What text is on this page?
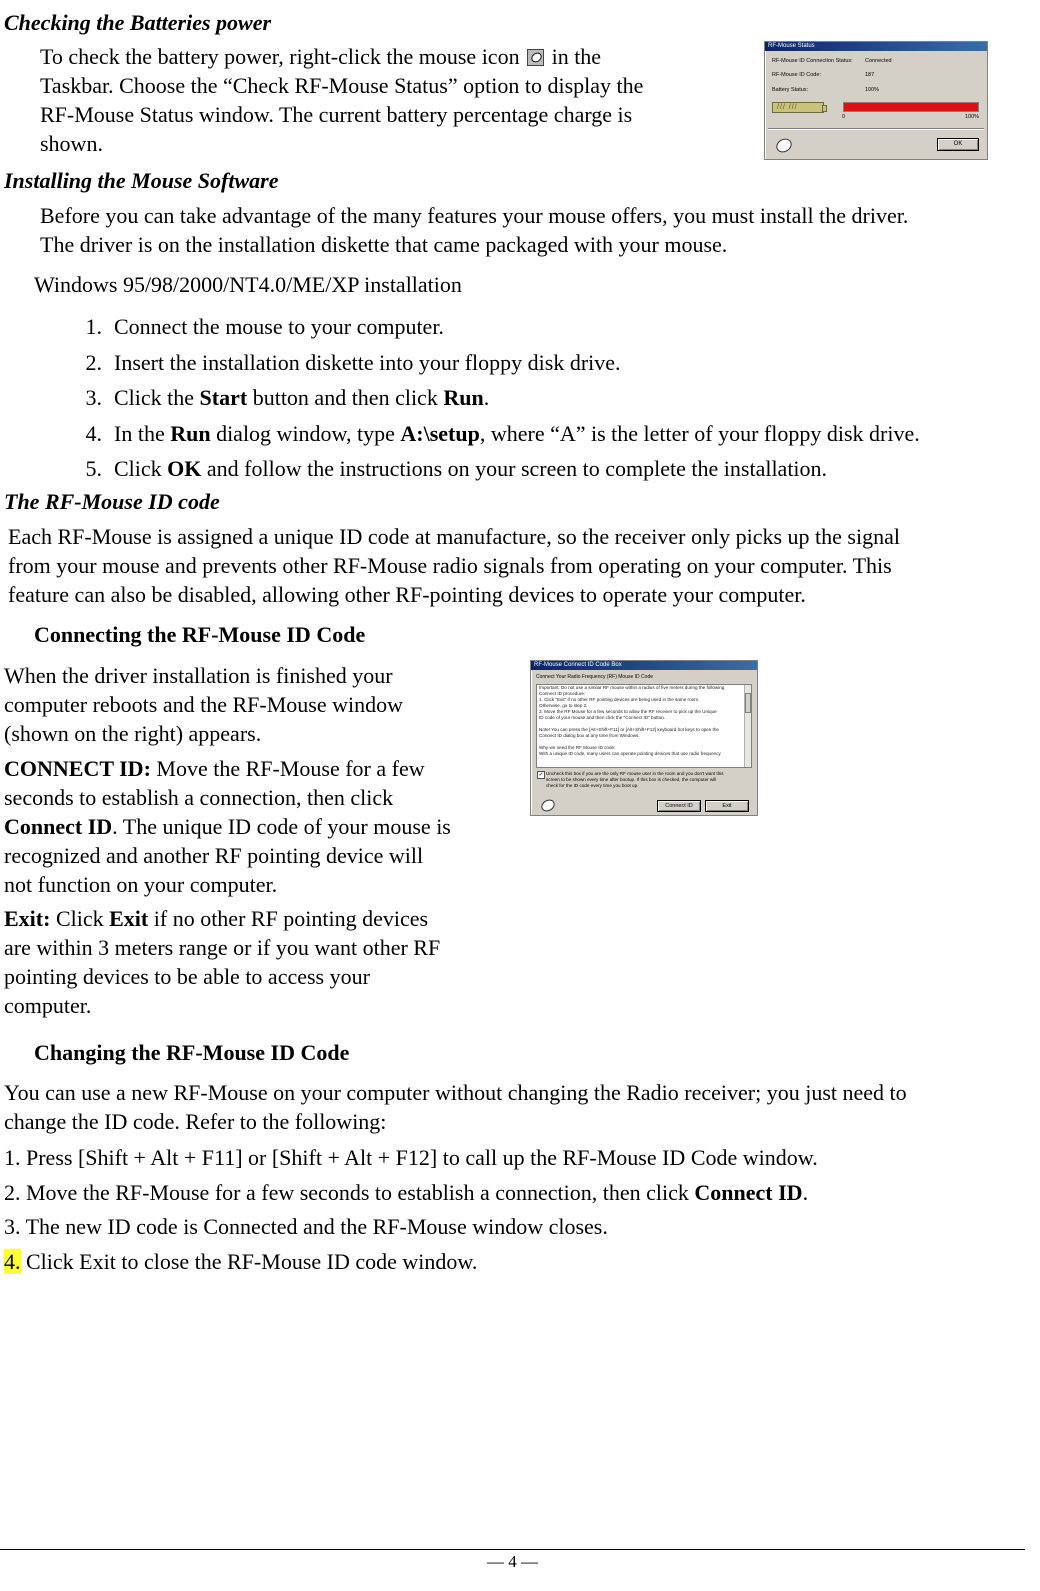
Checking the Batteries power
To check the battery power, right-click the mouse icon in the
Taskbar. Choose the “Check RF-Mouse Status” option to display the
RF-Mouse Status window. The current battery percentage charge is
shown.
RF-Mouse Status
RF-Mouse ID Connection Status: Connected
RF-Mouse ID Code:	187
Battery Status:	100%
/// ///
0	100%
OK
Installing the Mouse Software
Before you can take advantage of the many features your mouse offers, you must install the driver.
The driver is on the installation diskette that came packaged with your mouse.
Windows 95/98/2000/NT4.0/ME/XP installation
1. Connect the mouse to your computer.
2. Insert the installation diskette into your floppy disk drive.
3. Click the Start button and then click Run.
4. In the Run dialog window, type A:\setup, where “A” is the letter of your floppy disk drive.
5. Click OK and follow the instructions on your screen to complete the installation.
The RF-Mouse ID code
Each RF-Mouse is assigned a unique ID code at manufacture, so the receiver only picks up the signal
from your mouse and prevents other RF-Mouse radio signals from operating on your computer. This
feature can also be disabled, allowing other RF-pointing devices to operate your computer.
Connecting the RF-Mouse ID Code
When the driver installation is finished your
computer reboots and the RF-Mouse window
(shown on the right) appears.
CONNECT ID: Move the RF-Mouse for a few
seconds to establish a connection, then click
Connect ID. The unique ID code of your mouse is
recognized and another RF pointing device will
not function on your computer.
Exit: Click Exit if no other RF pointing devices
are within 3 meters range or if you want other RF
pointing devices to be able to access your
computer.
RF-Mouse Connect ID Code Box
Connect Your Radio Frequency (RF) Mouse ID Code
Important: Do not use a similar RF mouse within a radius of five meters during the following
Connect ID procedure:
1. Click "Exit" if no other RF pointing devices are being used in the same room.
Otherwise, go to step 2.
2. Move the RF Mouse for a few seconds to allow the RF receiver to pick up the Unique
ID code of your mouse and then click the "Connect ID" button.

Note! You can press the [Alt+Shift+F11] or [Alt+Shift+F12] keyboard hot keys to open the
Connect ID dialog box at any time from Windows.

Why we need the RF Mouse ID code:
With a unique ID code, many users can operate pointing devices that use radio frequency
✓ Uncheck this box if you are the only RF mouse user in the room and you don't want this
screen to be shown every time after bootup. If this box is checked, the computer will
check for the ID code every time you boot up.
Connect ID	Exit
Changing the RF-Mouse ID Code
You can use a new RF-Mouse on your computer without changing the Radio receiver; you just need to
change the ID code. Refer to the following:
1. Press [Shift + Alt + F11] or [Shift + Alt + F12] to call up the RF-Mouse ID Code window.
2. Move the RF-Mouse for a few seconds to establish a connection, then click Connect ID.
3. The new ID code is Connected and the RF-Mouse window closes.
4. Click Exit to close the RF-Mouse ID code window.
— 4 —
